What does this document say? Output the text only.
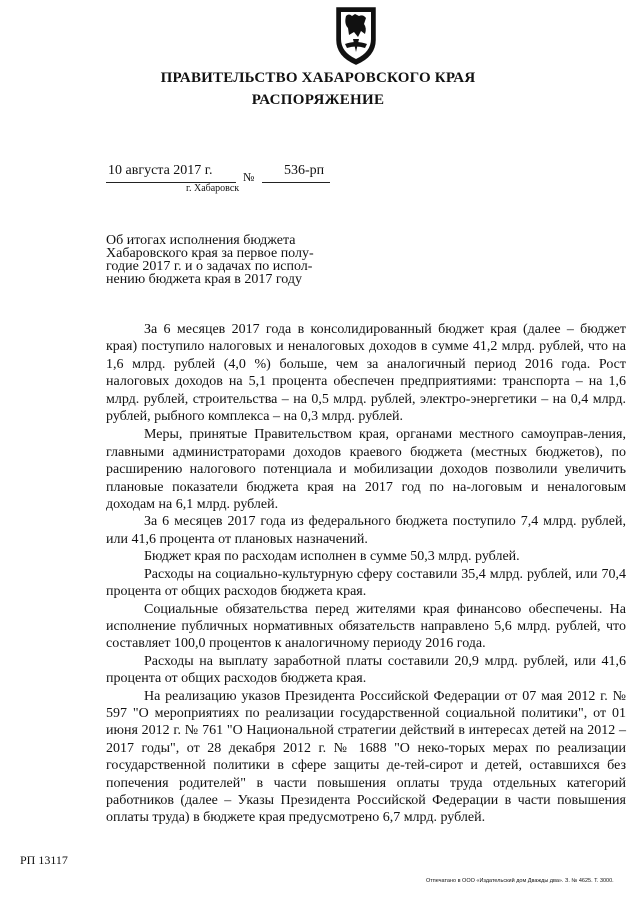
ПРАВИТЕЛЬСТВО ХАБАРОВСКОГО КРАЯ
РАСПОРЯЖЕНИЕ
10 августа 2017 г.	№ 536-рп
г. Хабаровск
Об итогах исполнения бюджета
Хабаровского края за первое полу-
годие 2017 г. и о задачах по испол-
нению бюджета края в 2017 году

За 6 месяцев 2017 года в консолидированный бюджет края (далее – бюджет края) поступило налоговых и неналоговых доходов в сумме 41,2 млрд. рублей, что на 1,6 млрд. рублей (4,0 %) больше, чем за аналогичный период 2016 года. Рост налоговых доходов на 5,1 процента обеспечен предприятиями: транспорта – на 1,6 млрд. рублей, строительства – на 0,5 млрд. рублей, электро-энергетики – на 0,4 млрд. рублей, рыбного комплекса – на 0,3 млрд. рублей.

Меры, принятые Правительством края, органами местного самоуправ-ления, главными администраторами доходов краевого бюджета (местных бюджетов), по расширению налогового потенциала и мобилизации доходов позволили увеличить плановые показатели бюджета края на 2017 год по на-логовым и неналоговым доходам на 6,1 млрд. рублей.

За 6 месяцев 2017 года из федерального бюджета поступило 7,4 млрд. рублей, или 41,6 процента от плановых назначений.

Бюджет края по расходам исполнен в сумме 50,3 млрд. рублей.

Расходы на социально-культурную сферу составили 35,4 млрд. рублей, или 70,4 процента от общих расходов бюджета края.

Социальные обязательства перед жителями края финансово обеспечены. На исполнение публичных нормативных обязательств направлено 5,6 млрд. рублей, что составляет 100,0 процентов к аналогичному периоду 2016 года.

Расходы на выплату заработной платы составили 20,9 млрд. рублей, или 41,6 процента от общих расходов бюджета края.

На реализацию указов Президента Российской Федерации от 07 мая 2012 г. № 597 "О мероприятиях по реализации государственной социальной политики", от 01 июня 2012 г. № 761 "О Национальной стратегии действий в интересах детей на 2012 – 2017 годы", от 28 декабря 2012 г. № 1688 "О неко-торых мерах по реализации государственной политики в сфере защиты де-тей-сирот и детей, оставшихся без попечения родителей" в части повышения оплаты труда отдельных категорий работников (далее – Указы Президента Российской Федерации в части повышения оплаты труда) в бюджете края предусмотрено 6,7 млрд. рублей.

РП 13117
Отпечатано в ООО «Издательский дом Дважды два». З. № 4625. Т. 3000.
